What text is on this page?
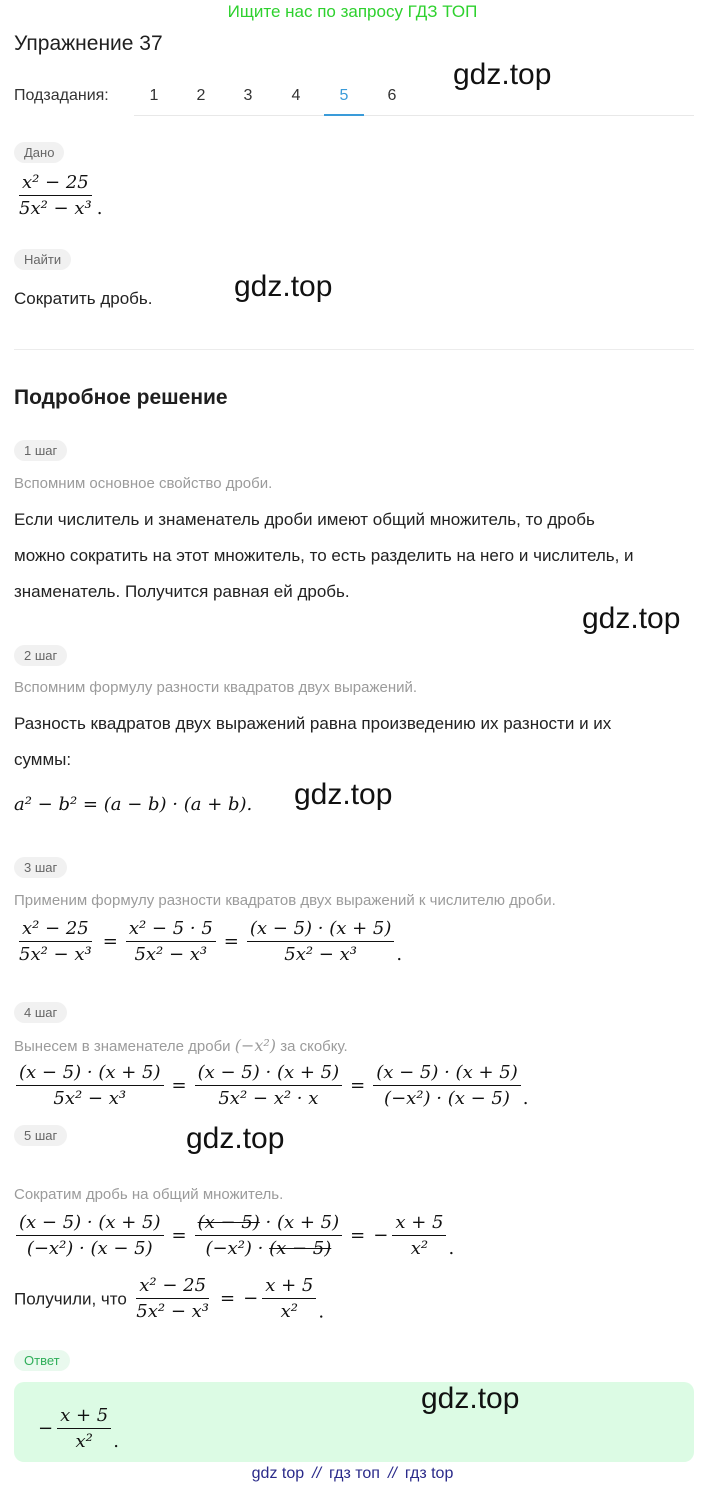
Ищите нас по запросу ГДЗ ТОП
Упражнение 37
Подзадания:	1	2	3	4	5	6
gdz.top
Дано
$\frac{\text{x² − 25}}{\text{5x² − x³}}$ .
Найти
Сократить дробь.	gdz.top
Подробное решение
1 шаг
Вспомним основное свойство дроби.
Если числитель и знаменатель дроби имеют общий множитель, то дробь
можно сократить на этот множитель, то есть разделить на него и числитель, и
знаменатель. Получится равная ей дробь.
gdz.top
2 шаг
Вспомним формулу разности квадратов двух выражений.
Разность квадратов двух выражений равна произведению их разности и их
суммы:
a² − b² = (a − b) · (a + b). gdz.top
3 шаг
Применим формулу разности квадратов двух выражений к числителю дроби.
$\frac{\text{x² − 25}}{\text{5x² − x³}} = \frac{\text{x² − 5 · 5}}{\text{5x² − x³}} = \frac{(x - 5) \cdot (x + 5)}{\text{5x² − x³}}$ .
4 шаг
Вынесем в знаменателе дроби (−x²) за скобку.
$\frac{(x - 5) \cdot (x + 5)}{\text{5x² − x³}} = \frac{(x - 5) \cdot (x + 5)}{\text{5x² − x² · x}} = \frac{(x - 5) \cdot (x + 5)}{\text{(−x²) · (x − 5)}}$ .
gdz.top
5 шаг
Сократим дробь на общий множитель.
$\frac{(x - 5) \cdot (x + 5)}{\text{(−x²) · (x − 5)}} = \frac{(x - 5) \cdot (x + 5)}{\text{(−x²) · (x − 5)}}$ = − $\frac{x + 5}{\text{x²}}$ .
Получили, что $\frac{\text{x² − 25}}{\text{5x² − x³}}$ = − $\frac{x + 5}{\text{x²}}$ .
Ответ
− $\frac{x + 5}{\text{x²}}$ .
gdz.top
gdz top // гдз топ // гдз top
